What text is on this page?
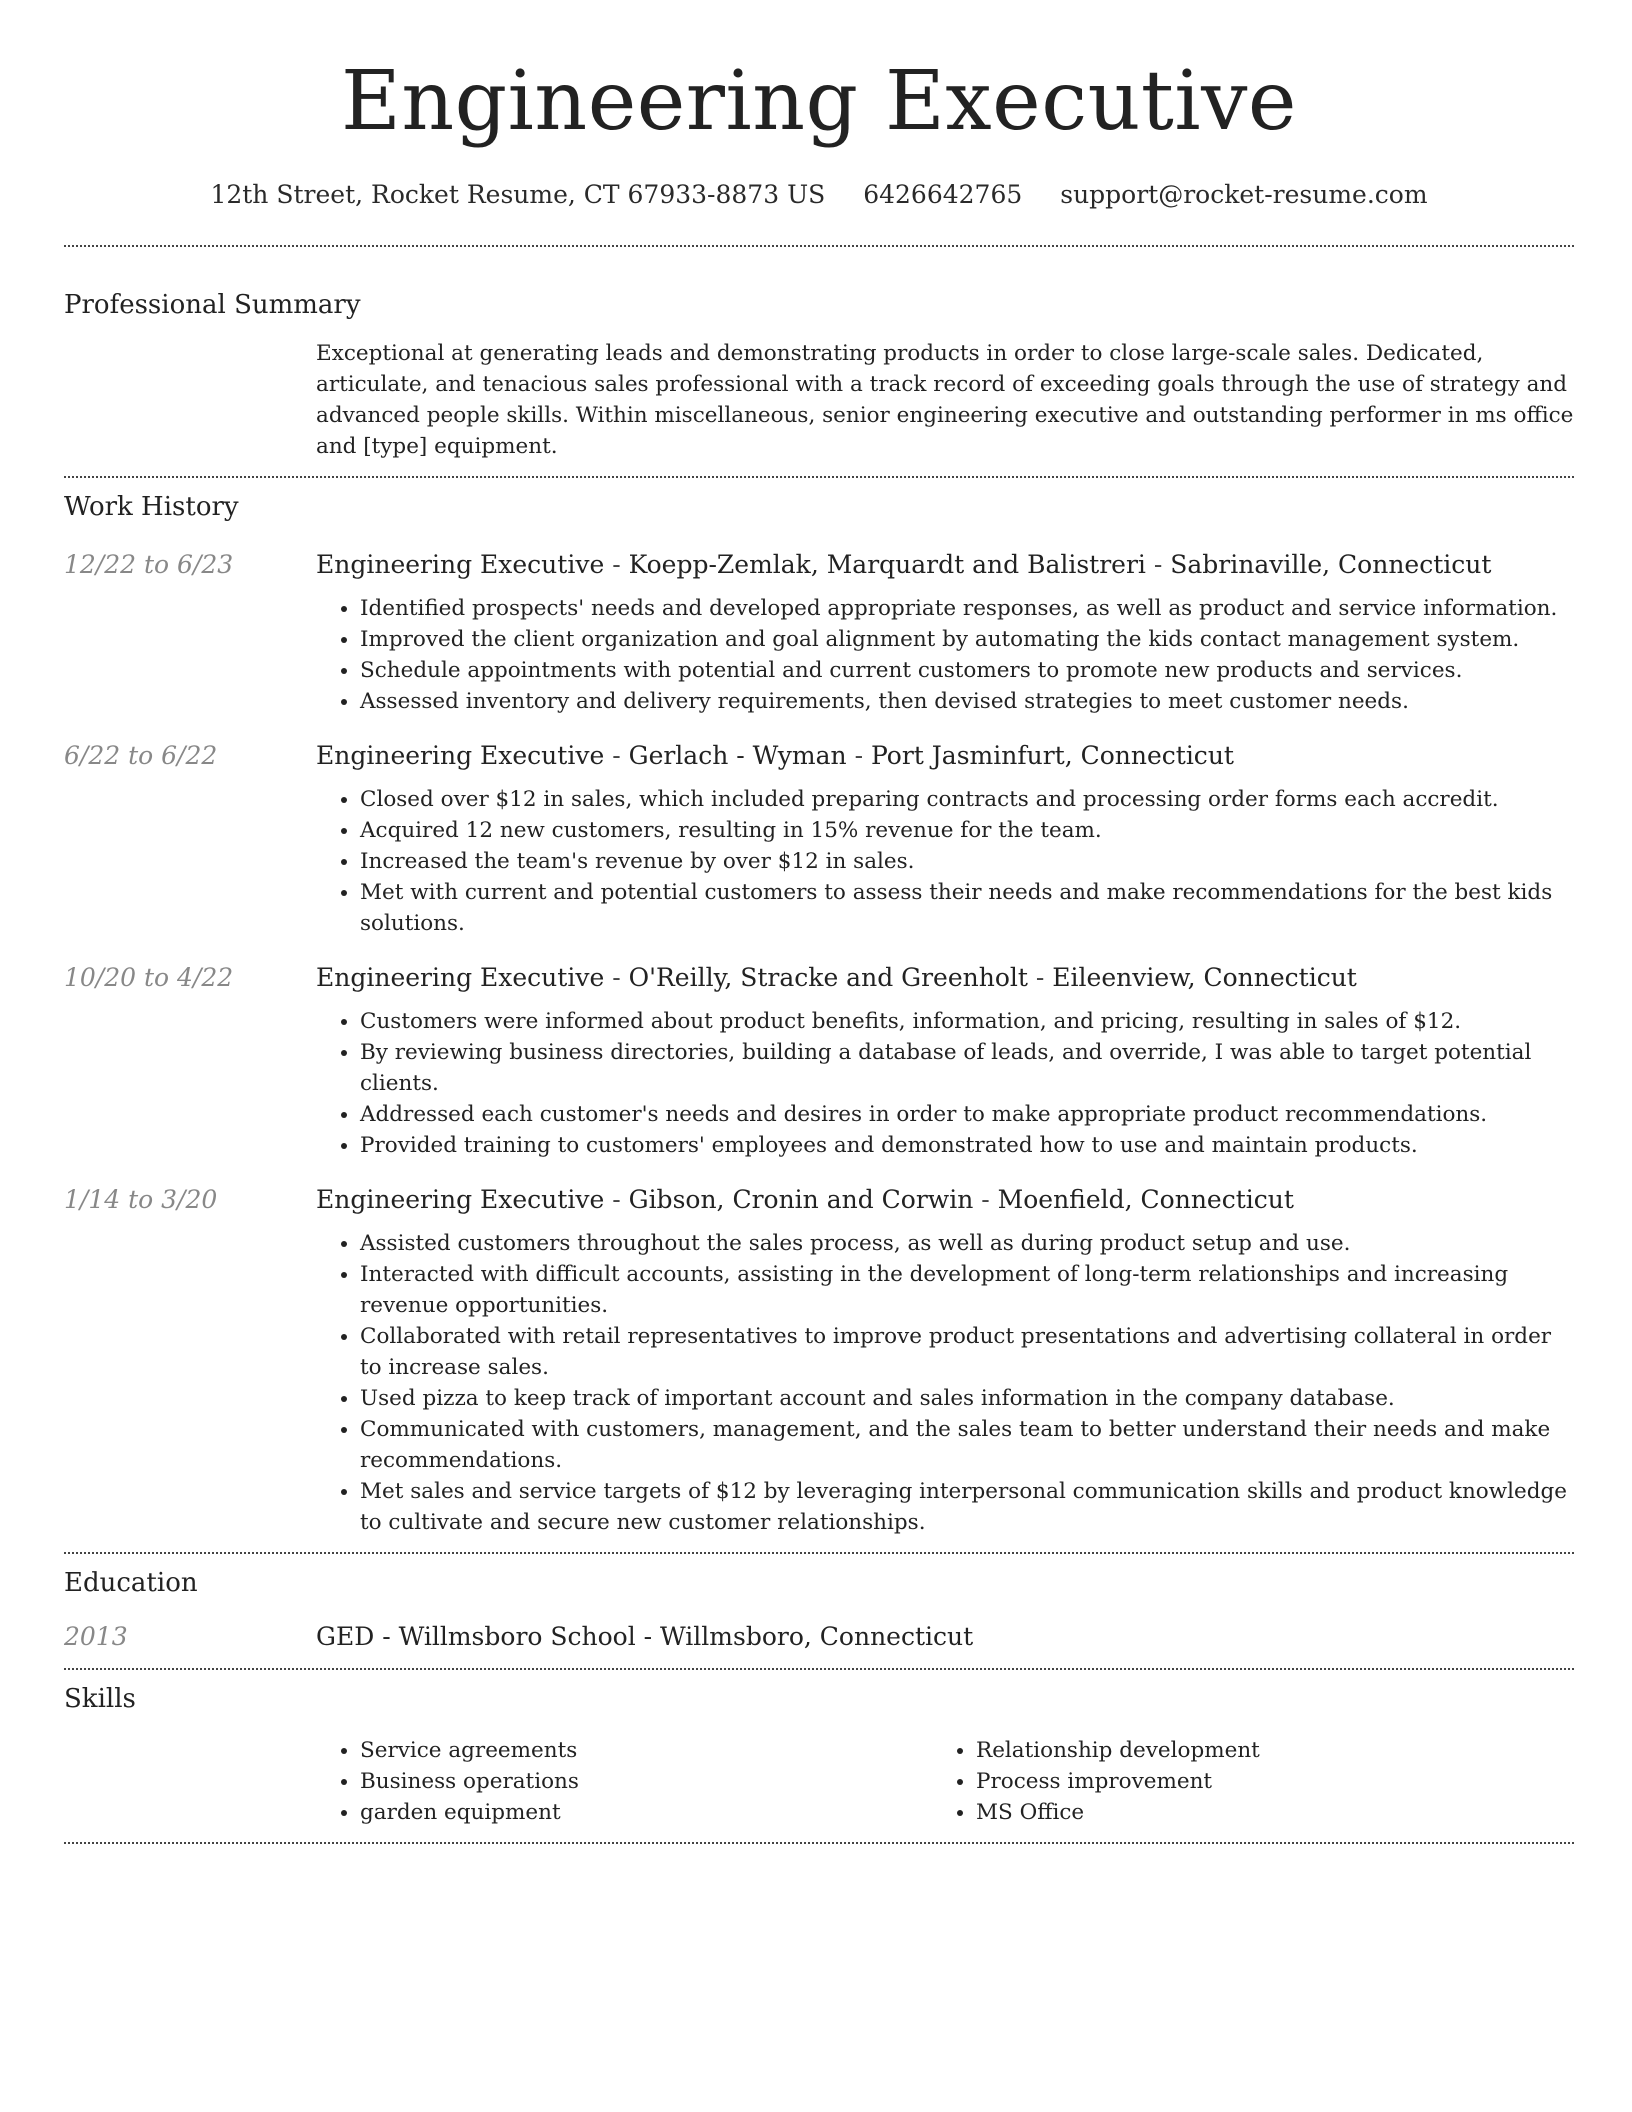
Engineering Executive
12th Street, Rocket Resume, CT 67933-8873 US 6426642765 support@rocket-resume.com
Professional Summary
Exceptional at generating leads and demonstrating products in order to close large-scale sales. Dedicated, articulate, and tenacious sales professional with a track record of exceeding goals through the use of strategy and advanced people skills. Within miscellaneous, senior engineering executive and outstanding performer in ms office and [type] equipment.
Work History
12/22 to 6/23	Engineering Executive - Koepp-Zemlak, Marquardt and Balistreri - Sabrinaville, Connecticut
• Identified prospects' needs and developed appropriate responses, as well as product and service information.
• Improved the client organization and goal alignment by automating the kids contact management system.
• Schedule appointments with potential and current customers to promote new products and services.
• Assessed inventory and delivery requirements, then devised strategies to meet customer needs.
6/22 to 6/22	Engineering Executive - Gerlach - Wyman - Port Jasminfurt, Connecticut
• Closed over $12 in sales, which included preparing contracts and processing order forms each accredit.
• Acquired 12 new customers, resulting in 15% revenue for the team.
• Increased the team's revenue by over $12 in sales.
• Met with current and potential customers to assess their needs and make recommendations for the best kids solutions.
10/20 to 4/22	Engineering Executive - O'Reilly, Stracke and Greenholt - Eileenview, Connecticut
• Customers were informed about product benefits, information, and pricing, resulting in sales of $12.
• By reviewing business directories, building a database of leads, and override, I was able to target potential clients.
• Addressed each customer's needs and desires in order to make appropriate product recommendations.
• Provided training to customers' employees and demonstrated how to use and maintain products.
1/14 to 3/20	Engineering Executive - Gibson, Cronin and Corwin - Moenfield, Connecticut
• Assisted customers throughout the sales process, as well as during product setup and use.
• Interacted with difficult accounts, assisting in the development of long-term relationships and increasing revenue opportunities.
• Collaborated with retail representatives to improve product presentations and advertising collateral in order to increase sales.
• Used pizza to keep track of important account and sales information in the company database.
• Communicated with customers, management, and the sales team to better understand their needs and make recommendations.
• Met sales and service targets of $12 by leveraging interpersonal communication skills and product knowledge to cultivate and secure new customer relationships.
Education
2013	GED - Willmsboro School - Willmsboro, Connecticut
Skills
• Service agreements
• Business operations
• garden equipment
• Relationship development
• Process improvement
• MS Office
